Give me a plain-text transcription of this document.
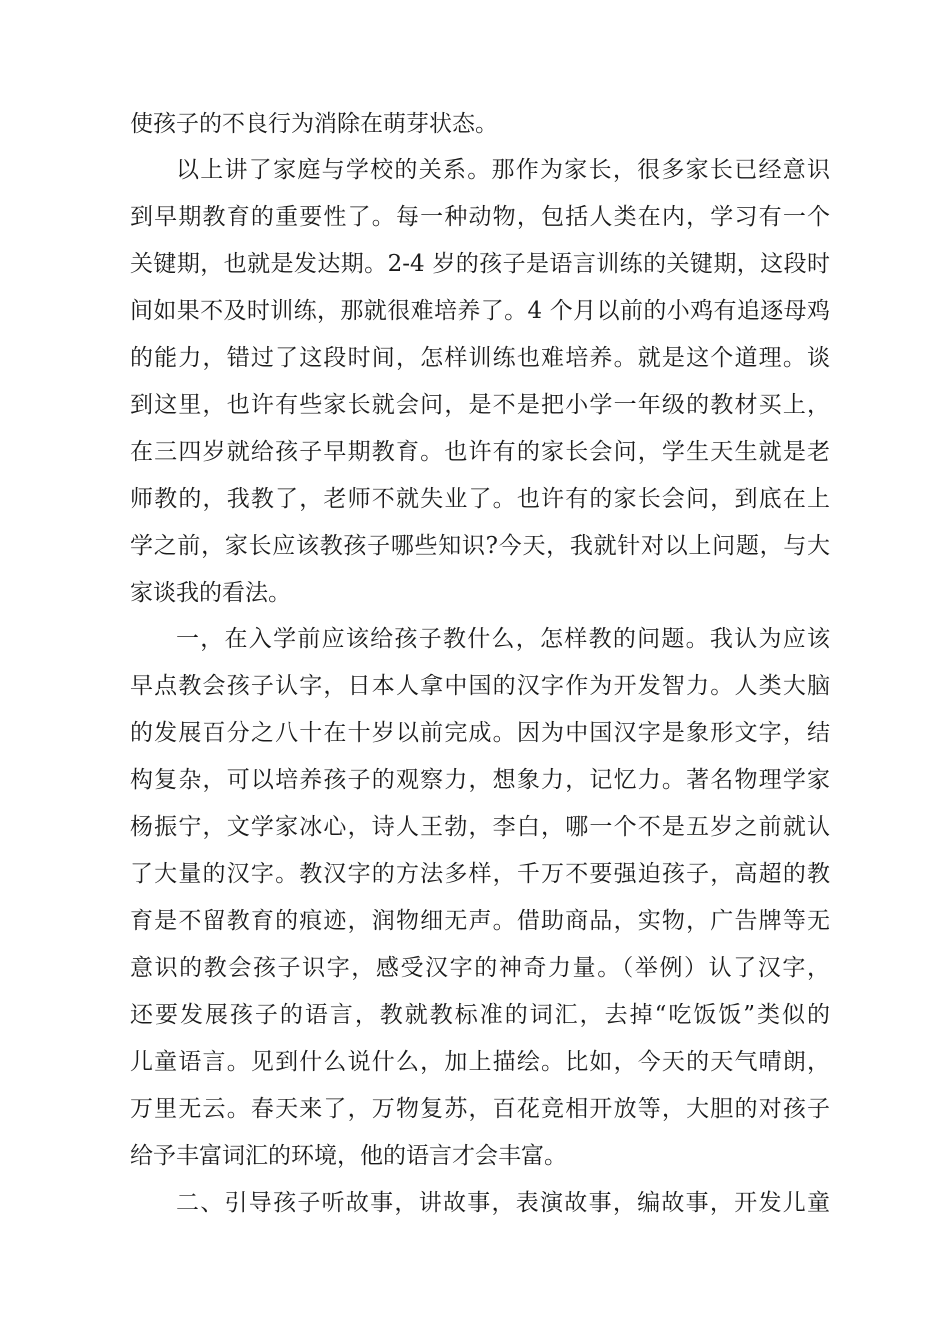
使孩子的不良行为消除在萌芽状态。
以上讲了家庭与学校的关系。那作为家长，很多家长已经意识
到早期教育的重要性了。每一种动物，包括人类在内，学习有一个
关键期，也就是发达期。2-4 岁的孩子是语言训练的关键期，这段时
间如果不及时训练，那就很难培养了。4 个月以前的小鸡有追逐母鸡
的能力，错过了这段时间，怎样训练也难培养。就是这个道理。谈
到这里，也许有些家长就会问，是不是把小学一年级的教材买上，
在三四岁就给孩子早期教育。也许有的家长会问，学生天生就是老
师教的，我教了，老师不就失业了。也许有的家长会问，到底在上
学之前，家长应该教孩子哪些知识?今天，我就针对以上问题，与大
家谈我的看法。
一，在入学前应该给孩子教什么，怎样教的问题。我认为应该
早点教会孩子认字，日本人拿中国的汉字作为开发智力。人类大脑
的发展百分之八十在十岁以前完成。因为中国汉字是象形文字，结
构复杂，可以培养孩子的观察力，想象力，记忆力。著名物理学家
杨振宁，文学家冰心，诗人王勃，李白，哪一个不是五岁之前就认
了大量的汉字。教汉字的方法多样，千万不要强迫孩子，高超的教
育是不留教育的痕迹，润物细无声。借助商品，实物，广告牌等无
意识的教会孩子识字，感受汉字的神奇力量。（举例）认了汉字，
还要发展孩子的语言，教就教标准的词汇，去掉“吃饭饭”类似的
儿童语言。见到什么说什么，加上描绘。比如，今天的天气晴朗，
万里无云。春天来了，万物复苏，百花竞相开放等，大胆的对孩子
给予丰富词汇的环境，他的语言才会丰富。
二、引导孩子听故事，讲故事，表演故事，编故事，开发儿童
